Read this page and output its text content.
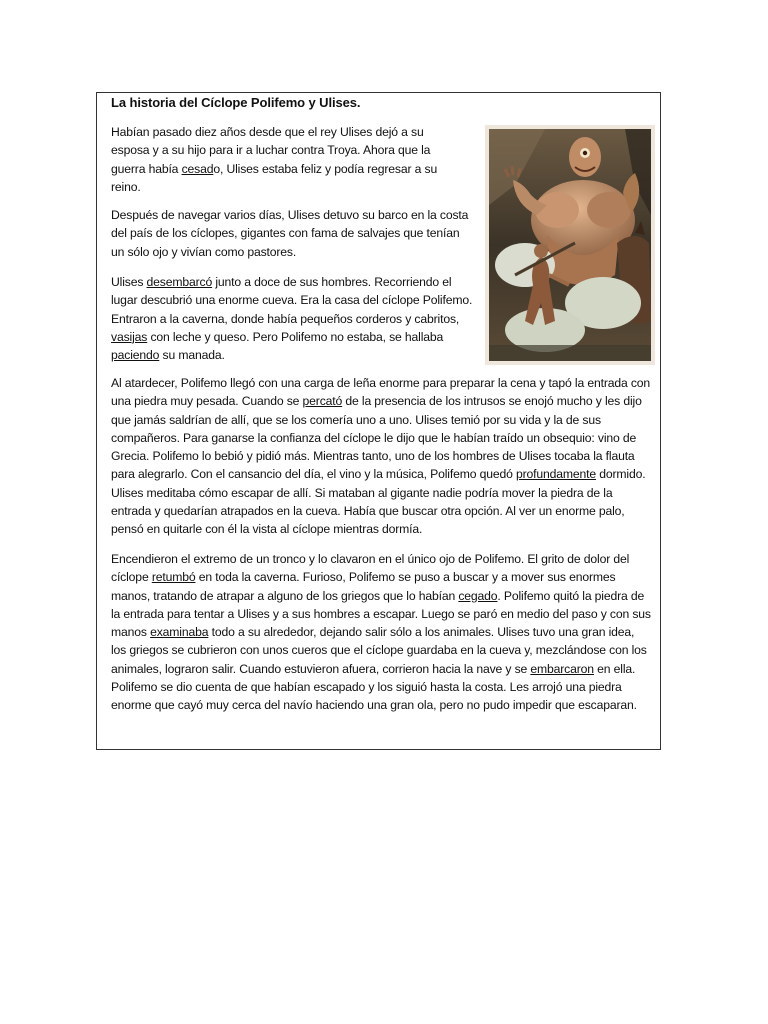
La historia del Cíclope Polifemo y Ulises.

Habían pasado diez años desde que el rey Ulises dejó a su esposa y a su hijo para ir a luchar contra Troya. Ahora que la guerra había cesado, Ulises estaba feliz y podía regresar a su reino.

Después de navegar varios días, Ulises detuvo su barco en la costa del país de los cíclopes, gigantes con fama de salvajes que tenían un sólo ojo y vivían como pastores.

Ulises desembarcó junto a doce de sus hombres. Recorriendo el lugar descubrió una enorme cueva. Era la casa del cíclope Polifemo. Entraron a la caverna, donde había pequeños corderos y cabritos, vasijas con leche y queso. Pero Polifemo no estaba, se hallaba paciendo su manada.

Al atardecer, Polifemo llegó con una carga de leña enorme para preparar la cena y tapó la entrada con una piedra muy pesada. Cuando se percató de la presencia de los intrusos se enojó mucho y les dijo que jamás saldrían de allí, que se los comería uno a uno. Ulises temió por su vida y la de sus compañeros. Para ganarse la confianza del cíclope le dijo que le habían traído un obsequio: vino de Grecia. Polifemo lo bebió y pidió más. Mientras tanto, uno de los hombres de Ulises tocaba la flauta para alegrarlo. Con el cansancio del día, el vino y la música, Polifemo quedó profundamente dormido. Ulises meditaba cómo escapar de allí. Si mataban al gigante nadie podría mover la piedra de la entrada y quedarían atrapados en la cueva. Había que buscar otra opción. Al ver un enorme palo, pensó en quitarle con él la vista al cíclope mientras dormía.

Encendieron el extremo de un tronco y lo clavaron en el único ojo de Polifemo. El grito de dolor del cíclope retumbó en toda la caverna. Furioso, Polifemo se puso a buscar y a mover sus enormes manos, tratando de atrapar a alguno de los griegos que lo habían cegado. Polifemo quitó la piedra de la entrada para tentar a Ulises y a sus hombres a escapar. Luego se paró en medio del paso y con sus manos examinaba todo a su alrededor, dejando salir sólo a los animales. Ulises tuvo una gran idea, los griegos se cubrieron con unos cueros que el cíclope guardaba en la cueva y, mezclándose con los animales, lograron salir. Cuando estuvieron afuera, corrieron hacia la nave y se embarcaron en ella. Polifemo se dio cuenta de que habían escapado y los siguió hasta la costa. Les arrojó una piedra enorme que cayó muy cerca del navío haciendo una gran ola, pero no pudo impedir que escaparan.
